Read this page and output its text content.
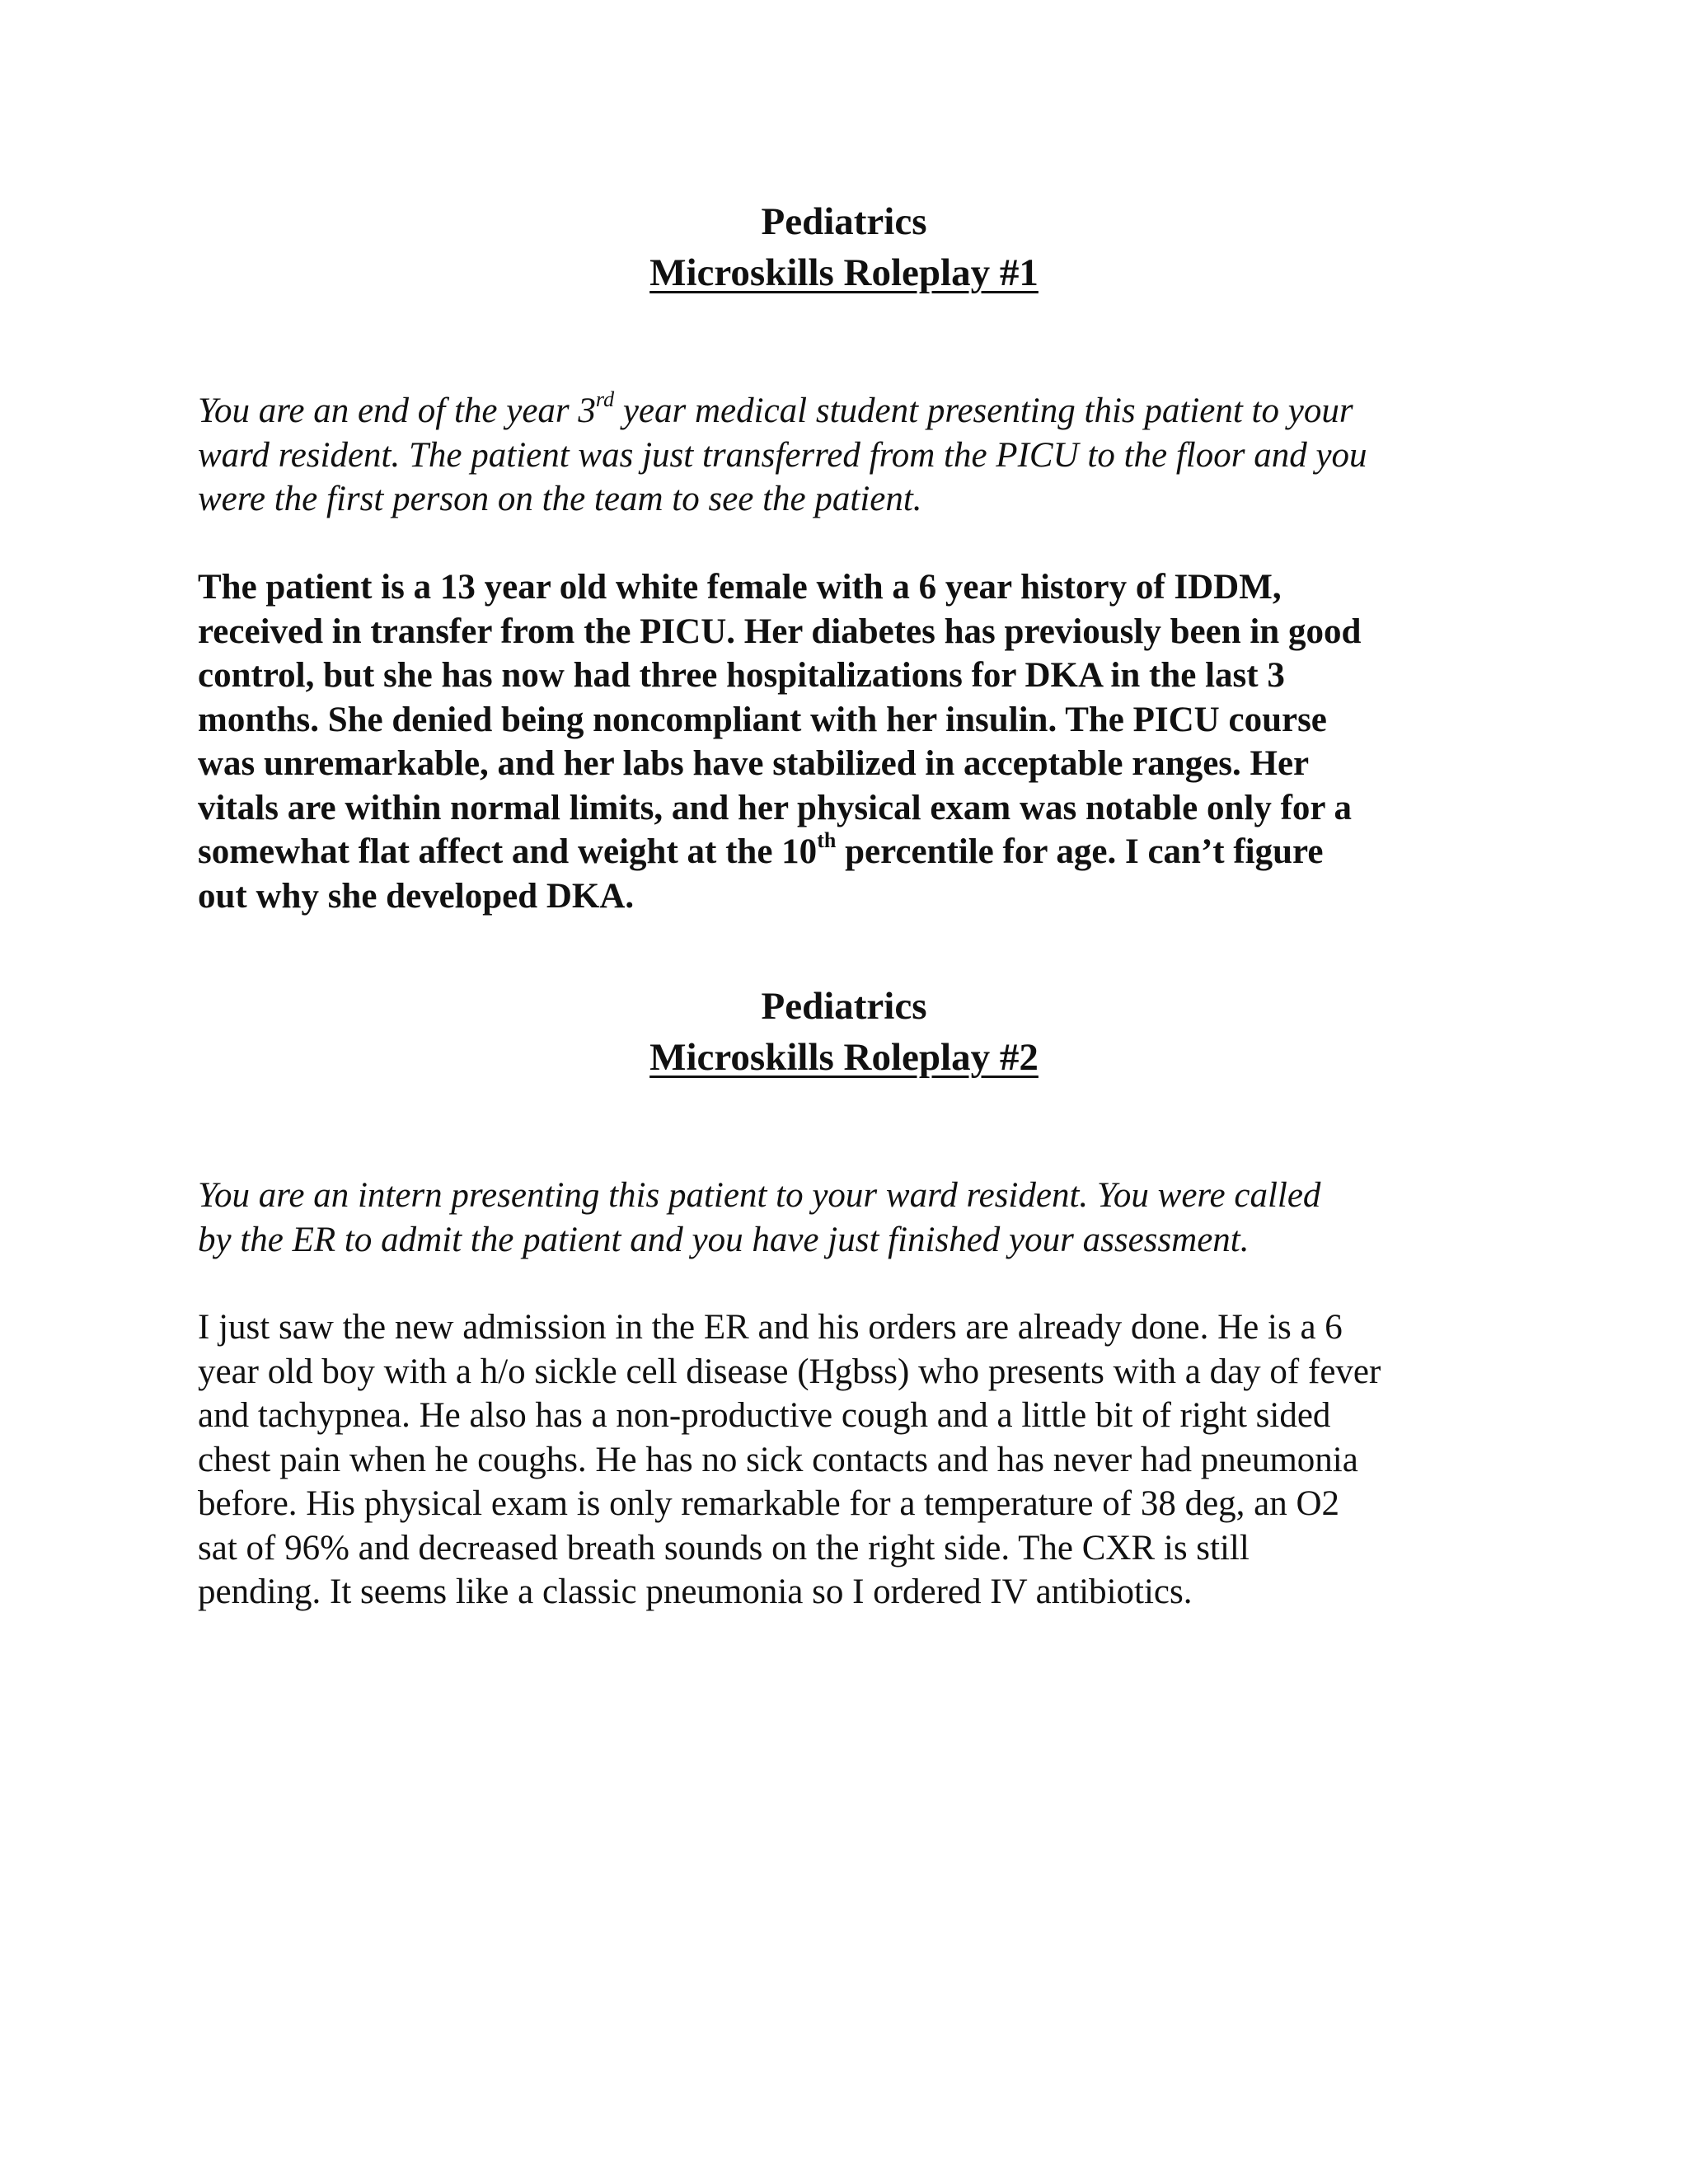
Pediatrics
Microskills Roleplay #1
You are an end of the year 3rd year medical student presenting this patient to your
ward resident. The patient was just transferred from the PICU to the floor and you
were the first person on the team to see the patient.
The patient is a 13 year old white female with a 6 year history of IDDM,
received in transfer from the PICU. Her diabetes has previously been in good
control, but she has now had three hospitalizations for DKA in the last 3
months. She denied being noncompliant with her insulin. The PICU course
was unremarkable, and her labs have stabilized in acceptable ranges. Her
vitals are within normal limits, and her physical exam was notable only for a
somewhat flat affect and weight at the 10th percentile for age. I can’t figure
out why she developed DKA.
Pediatrics
Microskills Roleplay #2
You are an intern presenting this patient to your ward resident. You were called
by the ER to admit the patient and you have just finished your assessment.
I just saw the new admission in the ER and his orders are already done. He is a 6
year old boy with a h/o sickle cell disease (Hgbss) who presents with a day of fever
and tachypnea. He also has a non-productive cough and a little bit of right sided
chest pain when he coughs. He has no sick contacts and has never had pneumonia
before. His physical exam is only remarkable for a temperature of 38 deg, an O2
sat of 96% and decreased breath sounds on the right side. The CXR is still
pending. It seems like a classic pneumonia so I ordered IV antibiotics.
